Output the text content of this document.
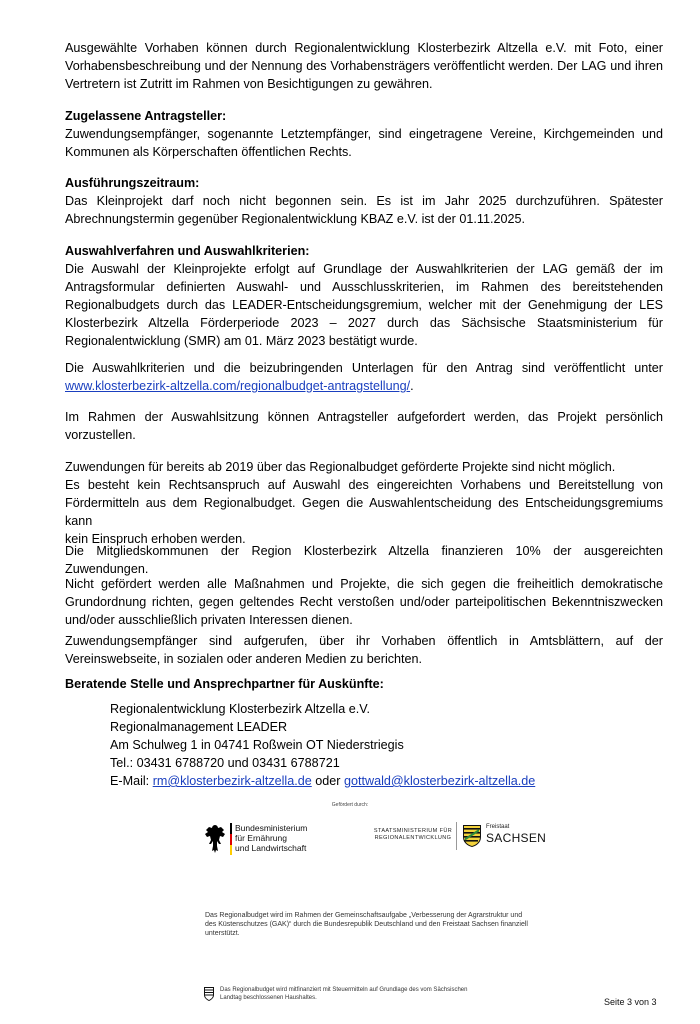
Ausgewählte Vorhaben können durch Regionalentwicklung Klosterbezirk Altzella e.V. mit Foto, einer
Vorhabensbeschreibung und der Nennung des Vorhabensträgers veröffentlicht werden. Der LAG und ihren
Vertretern ist Zutritt im Rahmen von Besichtigungen zu gewähren.
Zugelassene Antragsteller:
Zuwendungsempfänger, sogenannte Letztempfänger, sind eingetragene Vereine, Kirchgemeinden und
Kommunen als Körperschaften öffentlichen Rechts.
Ausführungszeitraum:
Das Kleinprojekt darf noch nicht begonnen sein. Es ist im Jahr 2025 durchzuführen. Spätester
Abrechnungstermin gegenüber Regionalentwicklung KBAZ e.V. ist der 01.11.2025.
Auswahlverfahren und Auswahlkriterien:
Die Auswahl der Kleinprojekte erfolgt auf Grundlage der Auswahlkriterien der LAG gemäß der im
Antragsformular definierten Auswahl- und Ausschlusskriterien, im Rahmen des bereitstehenden
Regionalbudgets durch das LEADER-Entscheidungsgremium, welcher mit der Genehmigung der LES
Klosterbezirk Altzella Förderperiode 2023 – 2027 durch das Sächsische Staatsministerium für
Regionalentwicklung (SMR) am 01. März 2023 bestätigt wurde.
Die Auswahlkriterien und die beizubringenden Unterlagen für den Antrag sind veröffentlicht unter
www.klosterbezirk-altzella.com/regionalbudget-antragstellung/.
Im Rahmen der Auswahlsitzung können Antragsteller aufgefordert werden, das Projekt persönlich
vorzustellen.
Zuwendungen für bereits ab 2019 über das Regionalbudget geförderte Projekte sind nicht möglich.
Es besteht kein Rechtsanspruch auf Auswahl des eingereichten Vorhabens und Bereitstellung von
Fördermitteln aus dem Regionalbudget. Gegen die Auswahlentscheidung des Entscheidungsgremiums kann
kein Einspruch erhoben werden.
Die Mitgliedskommunen der Region Klosterbezirk Altzella finanzieren 10% der ausgereichten Zuwendungen.
Nicht gefördert werden alle Maßnahmen und Projekte, die sich gegen die freiheitlich demokratische
Grundordnung richten, gegen geltendes Recht verstoßen und/oder parteipolitischen Bekenntniszwecken
und/oder ausschließlich privaten Interessen dienen.
Zuwendungsempfänger sind aufgerufen, über ihr Vorhaben öffentlich in Amtsblättern, auf der
Vereinswebseite, in sozialen oder anderen Medien zu berichten.
Beratende Stelle und Ansprechpartner für Auskünfte:
Regionalentwicklung Klosterbezirk Altzella e.V.
Regionalmanagement LEADER
Am Schulweg 1 in 04741 Roßwein OT Niederstriegis
Tel.: 03431 6788720 und 03431 6788721
E-Mail: rm@klosterbezirk-altzella.de oder gottwald@klosterbezirk-altzella.de
Gefördert durch:
Bundesministerium
für Ernährung
und Landwirtschaft
STAATSMINISTERIUM FÜR
REGIONALENTWICKLUNG
Freistaat
SACHSEN
Das Regionalbudget wird im Rahmen der Gemeinschaftsaufgabe „Verbesserung der Agrarstruktur und des Küstenschutzes (GAK)“ durch die Bundesrepublik Deutschland und den Freistaat Sachsen finanziell unterstützt.
Das Regionalbudget wird mitfinanziert mit Steuermitteln auf Grundlage des vom Sächsischen Landtag beschlossenen Haushaltes.	Seite 3 von 3
